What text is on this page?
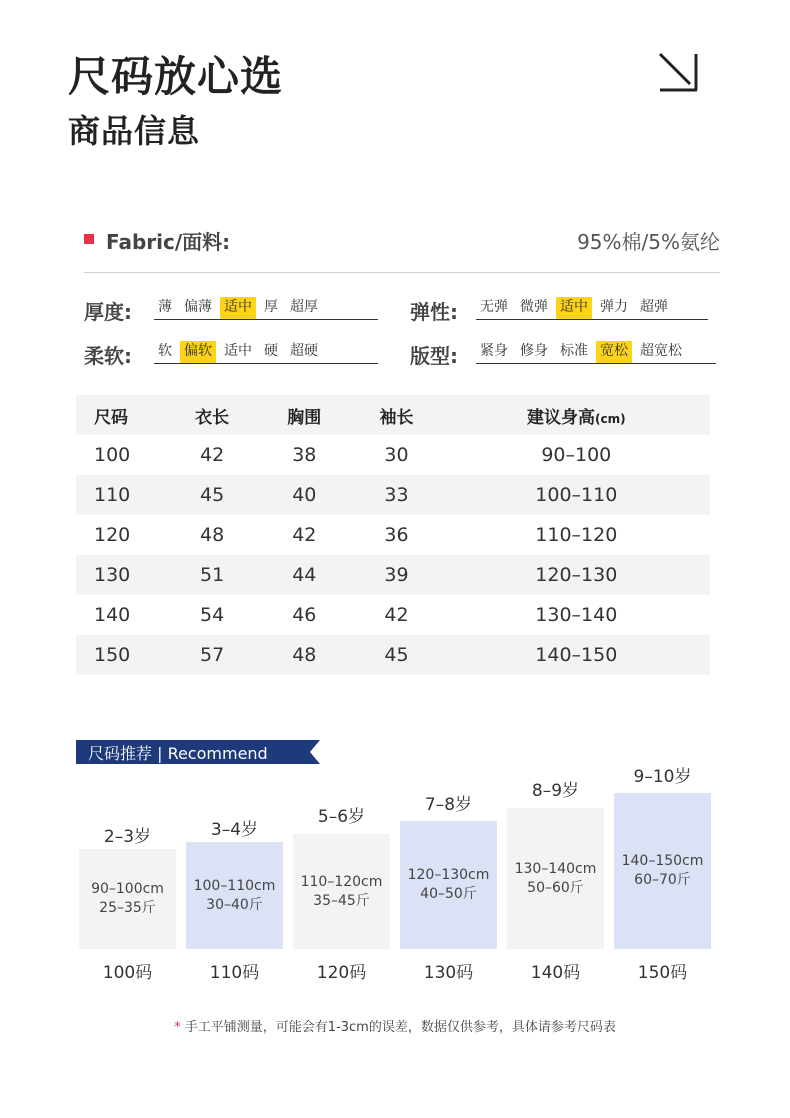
尺码放心选
商品信息
Fabric/面料:	95%棉/5%氨纶
厚度: 薄 偏薄 适中 厚 超厚	弹性: 无弹 微弹 适中 弹力 超弹
柔软: 软 偏软 适中 硬 超硬	版型: 紧身 修身 标准 宽松 超宽松
尺码	衣长	胸围	袖长	建议身高(cm)
100	42	38	30	90–100
110	45	40	33	100–110
120	48	42	36	110–120
130	51	44	39	120–130
140	54	46	42	130–140
150	57	48	45	140–150
尺码推荐 | Recommend
2–3岁
90–100cm
25–35斤
100码
3–4岁
100–110cm
30–40斤
110码
5–6岁
110–120cm
35–45斤
120码
7–8岁
120–130cm
40–50斤
130码
8–9岁
130–140cm
50–60斤
140码
9–10岁
140–150cm
60–70斤
150码
* 手工平铺测量，可能会有1-3cm的误差，数据仅供参考，具体请参考尺码表
